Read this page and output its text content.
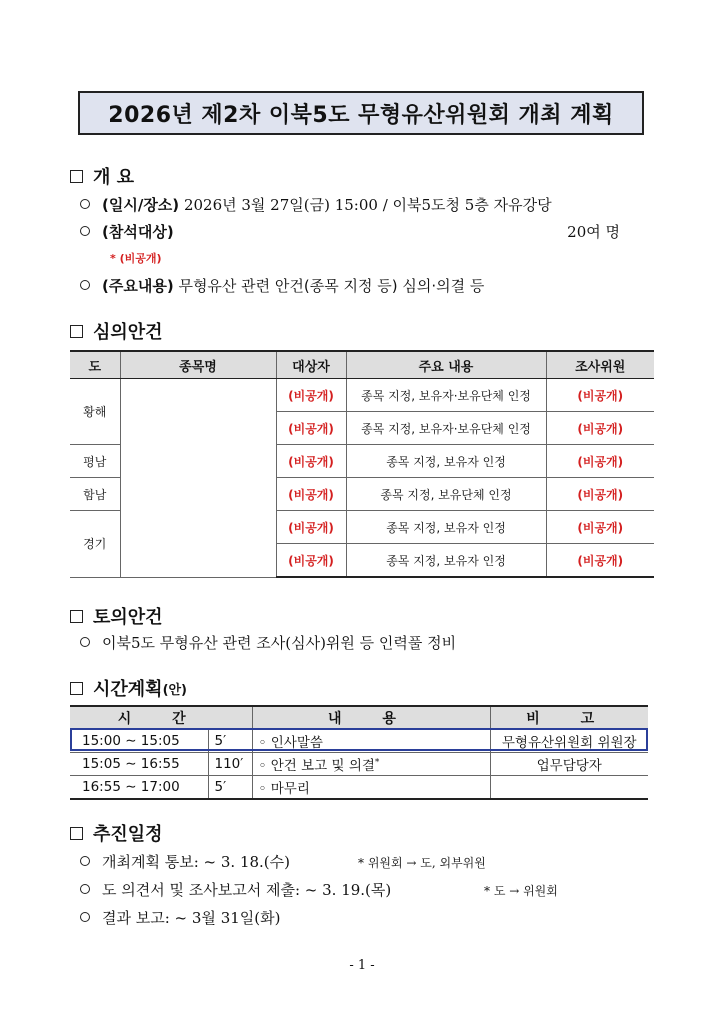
2026년 제2차 이북5도 무형유산위원회 개최 계획
개 요
(일시/장소) 2026년 3월 27일(금) 15:00 / 이북5도청 5층 자유강당
(참석대상)	20여 명
* (비공개)
(주요내용) 무형유산 관련 안건(종목 지정 등) 심의·의결 등
심의안건
도	종목명	대상자	주요 내용	조사위원
황해		(비공개)	종목 지정, 보유자·보유단체 인정	(비공개)
		(비공개)	종목 지정, 보유자·보유단체 인정	(비공개)
평남		(비공개)	종목 지정, 보유자 인정	(비공개)
함남		(비공개)	종목 지정, 보유단체 인정	(비공개)
경기		(비공개)	종목 지정, 보유자 인정	(비공개)
		(비공개)	종목 지정, 보유자 인정	(비공개)
토의안건
이북5도 무형유산 관련 조사(심사)위원 등 인력풀 정비
시간계획 (안)
시 간		내 용	비 고
15:00 ∼ 15:05	5′	◦ 인사말씀	무형유산위원회 위원장
15:05 ∼ 16:55	110′	◦ 안건 보고 및 의결*	업무담당자
16:55 ∼ 17:00	5′	◦ 마무리	
추진일정
개최계획 통보: ~ 3. 18.(수)	* 위원회 → 도, 외부위원
도 의견서 및 조사보고서 제출: ~ 3. 19.(목)	* 도 → 위원회
결과 보고: ~ 3월 31일(화)
- 1 -
